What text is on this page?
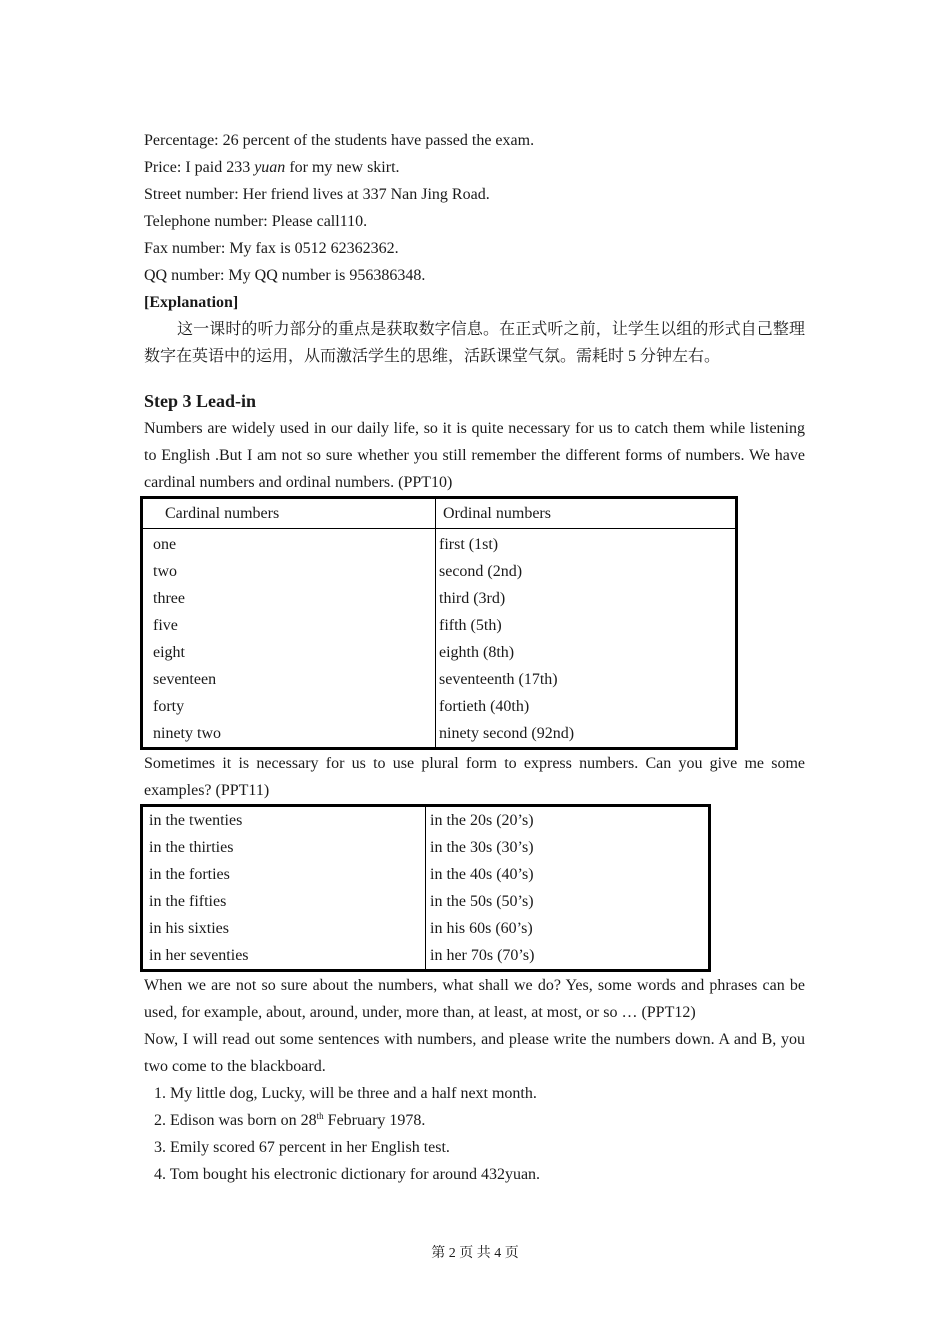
Percentage: 26 percent of the students have passed the exam.
Price: I paid 233 yuan for my new skirt.
Street number: Her friend lives at 337 Nan Jing Road.
Telephone number: Please call110.
Fax number: My fax is 0512 62362362.
QQ number: My QQ number is 956386348.
[Explanation]
这一课时的听力部分的重点是获取数字信息。在正式听之前，让学生以组的形式自己整理数字在英语中的运用，从而激活学生的思维，活跃课堂气氛。需耗时 5 分钟左右。
Step 3 Lead-in
Numbers are widely used in our daily life, so it is quite necessary for us to catch them while listening to English .But I am not so sure whether you still remember the different forms of numbers. We have cardinal numbers and ordinal numbers. (PPT10)
Cardinal numbers	Ordinal numbers
one	first (1st)
two	second (2nd)
three	third (3rd)
five	fifth (5th)
eight	eighth (8th)
seventeen	seventeenth (17th)
forty	fortieth (40th)
ninety two	ninety second (92nd)
Sometimes it is necessary for us to use plural form to express numbers. Can you give me some examples? (PPT11)
in the twenties	in the 20s (20’s)
in the thirties	in the 30s (30’s)
in the forties	in the 40s (40’s)
in the fifties	in the 50s (50’s)
in his sixties	in his 60s (60’s)
in her seventies	in her 70s (70’s)
When we are not so sure about the numbers, what shall we do? Yes, some words and phrases can be used, for example, about, around, under, more than, at least, at most, or so … (PPT12)
Now, I will read out some sentences with numbers, and please write the numbers down. A and B, you two come to the blackboard.
1. My little dog, Lucky, will be three and a half next month.
2. Edison was born on 28th February 1978.
3. Emily scored 67 percent in her English test.
4. Tom bought his electronic dictionary for around 432yuan.
第 2 页 共 4 页
